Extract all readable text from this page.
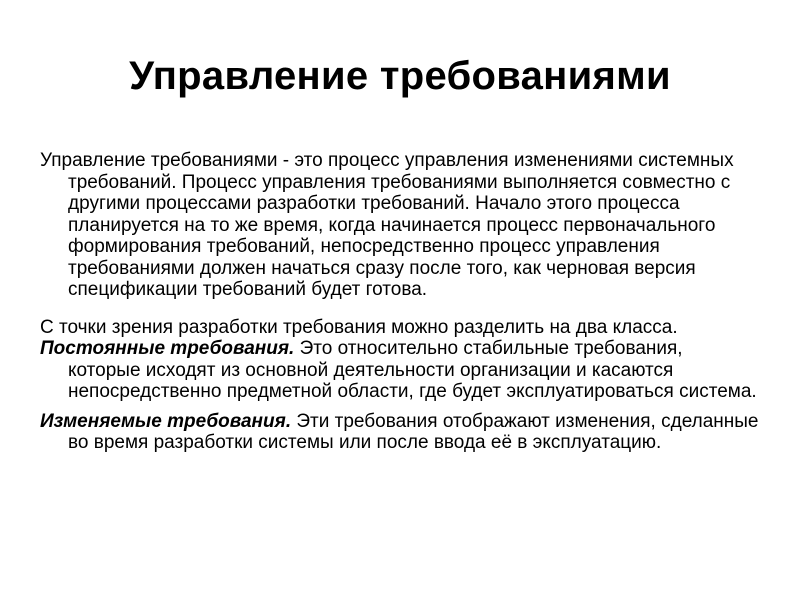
Управление требованиями

Управление требованиями - это процесс управления изменениями системных требований. Процесс управления требованиями выполняется совместно с другими процессами разработки требований. Начало этого процесса планируется на то же время, когда начинается процесс первоначального формирования требований, непосредственно процесс управления требованиями должен начаться сразу после того, как черновая версия спецификации требований будет готова.

С точки зрения разработки требования можно разделить на два класса.

Постоянные требования. Это относительно стабильные требования, которые исходят из основной деятельности организации и касаются непосредственно предметной области, где будет эксплуатироваться система.

Изменяемые требования. Эти требования отображают изменения, сделанные во время разработки системы или после ввода её в эксплуатацию.
